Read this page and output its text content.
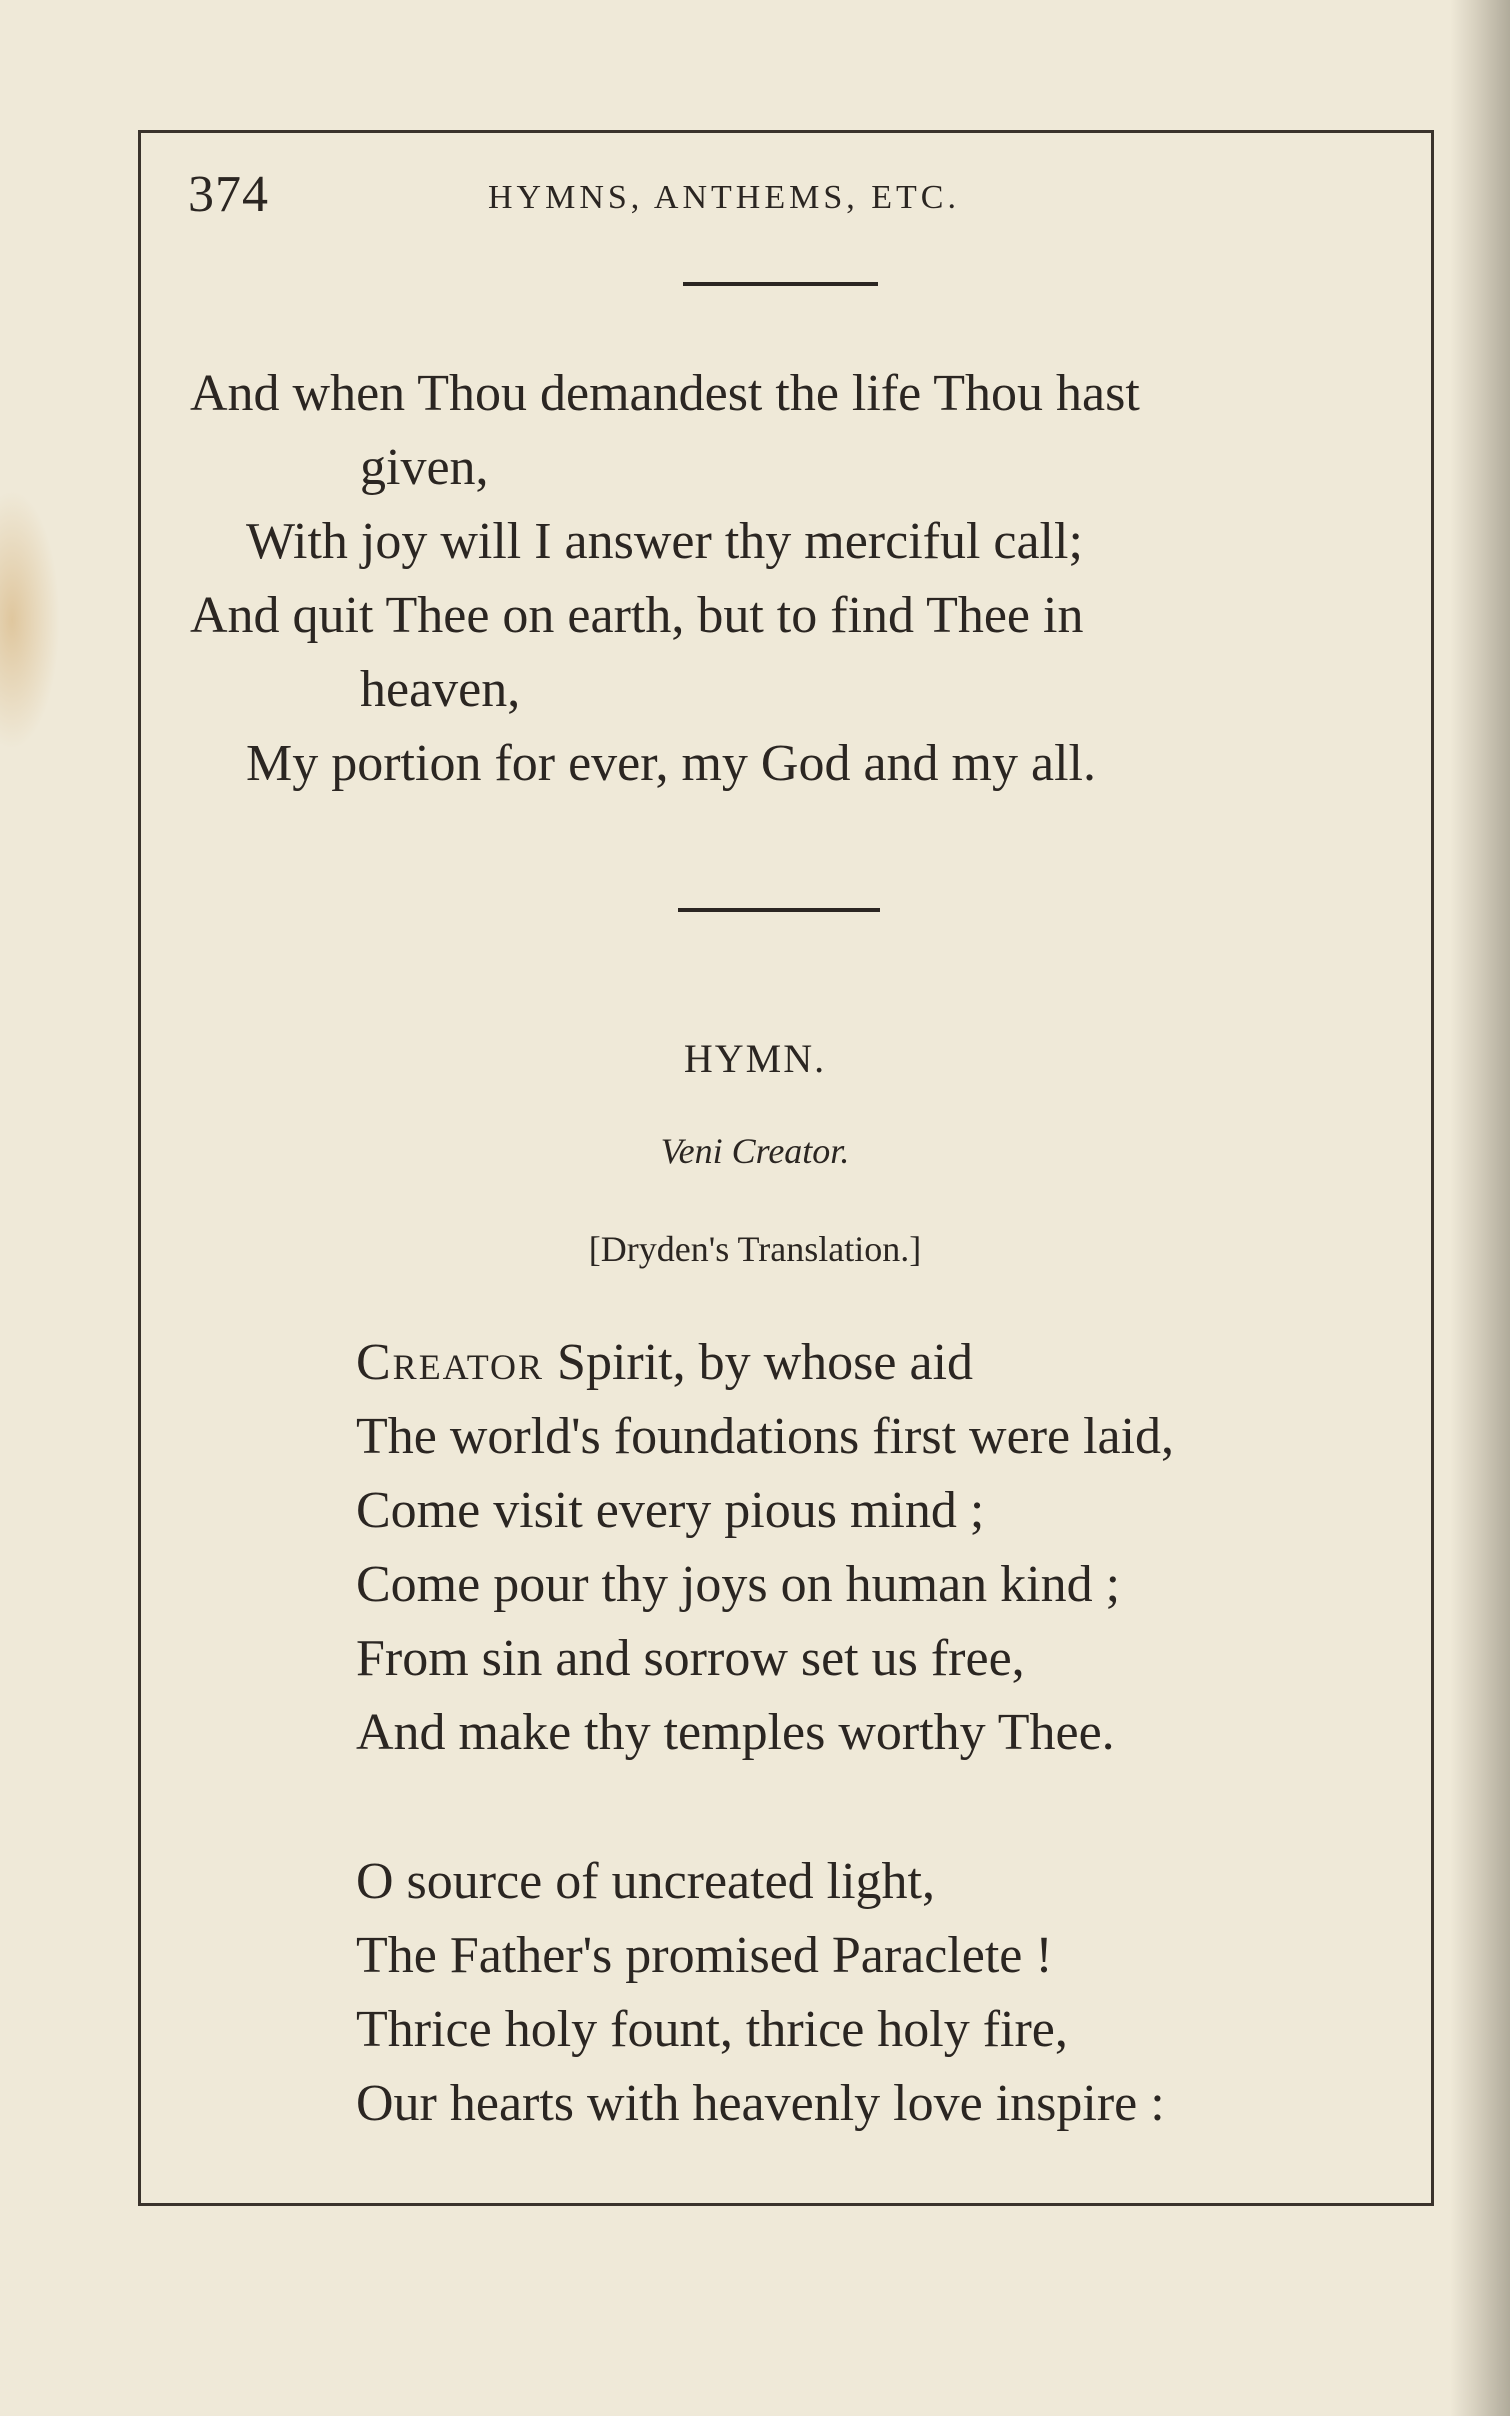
374	HYMNS, ANTHEMS, ETC.
And when Thou demandest the life Thou hast
given,
With joy will I answer thy merciful call;
And quit Thee on earth, but to find Thee in
heaven,
My portion for ever, my God and my all.
HYMN.
Veni Creator.
[Dryden's Translation.]
Creator Spirit, by whose aid
The world's foundations first were laid,
Come visit every pious mind ;
Come pour thy joys on human kind ;
From sin and sorrow set us free,
And make thy temples worthy Thee.
O source of uncreated light,
The Father's promised Paraclete !
Thrice holy fount, thrice holy fire,
Our hearts with heavenly love inspire :
